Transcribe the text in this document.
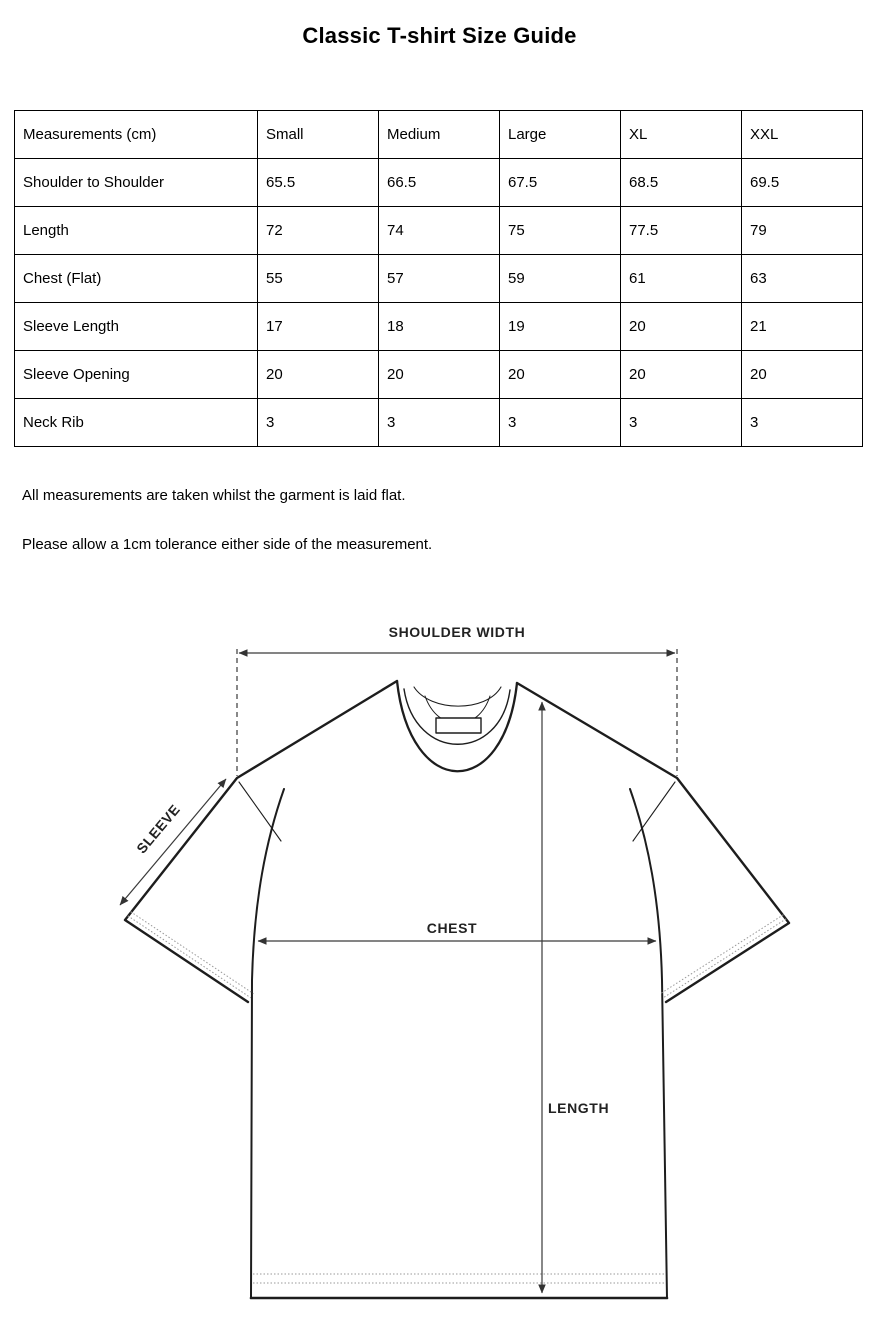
Classic T-shirt Size Guide
Measurements (cm)	Small	Medium	Large	XL	XXL
Shoulder to Shoulder	65.5	66.5	67.5	68.5	69.5
Length	72	74	75	77.5	79
Chest (Flat)	55	57	59	61	63
Sleeve Length	17	18	19	20	21
Sleeve Opening	20	20	20	20	20
Neck Rib	3	3	3	3	3
All measurements are taken whilst the garment is laid flat.
Please allow a 1cm tolerance either side of the measurement.
SHOULDER WIDTH
SLEEVE
CHEST
LENGTH
